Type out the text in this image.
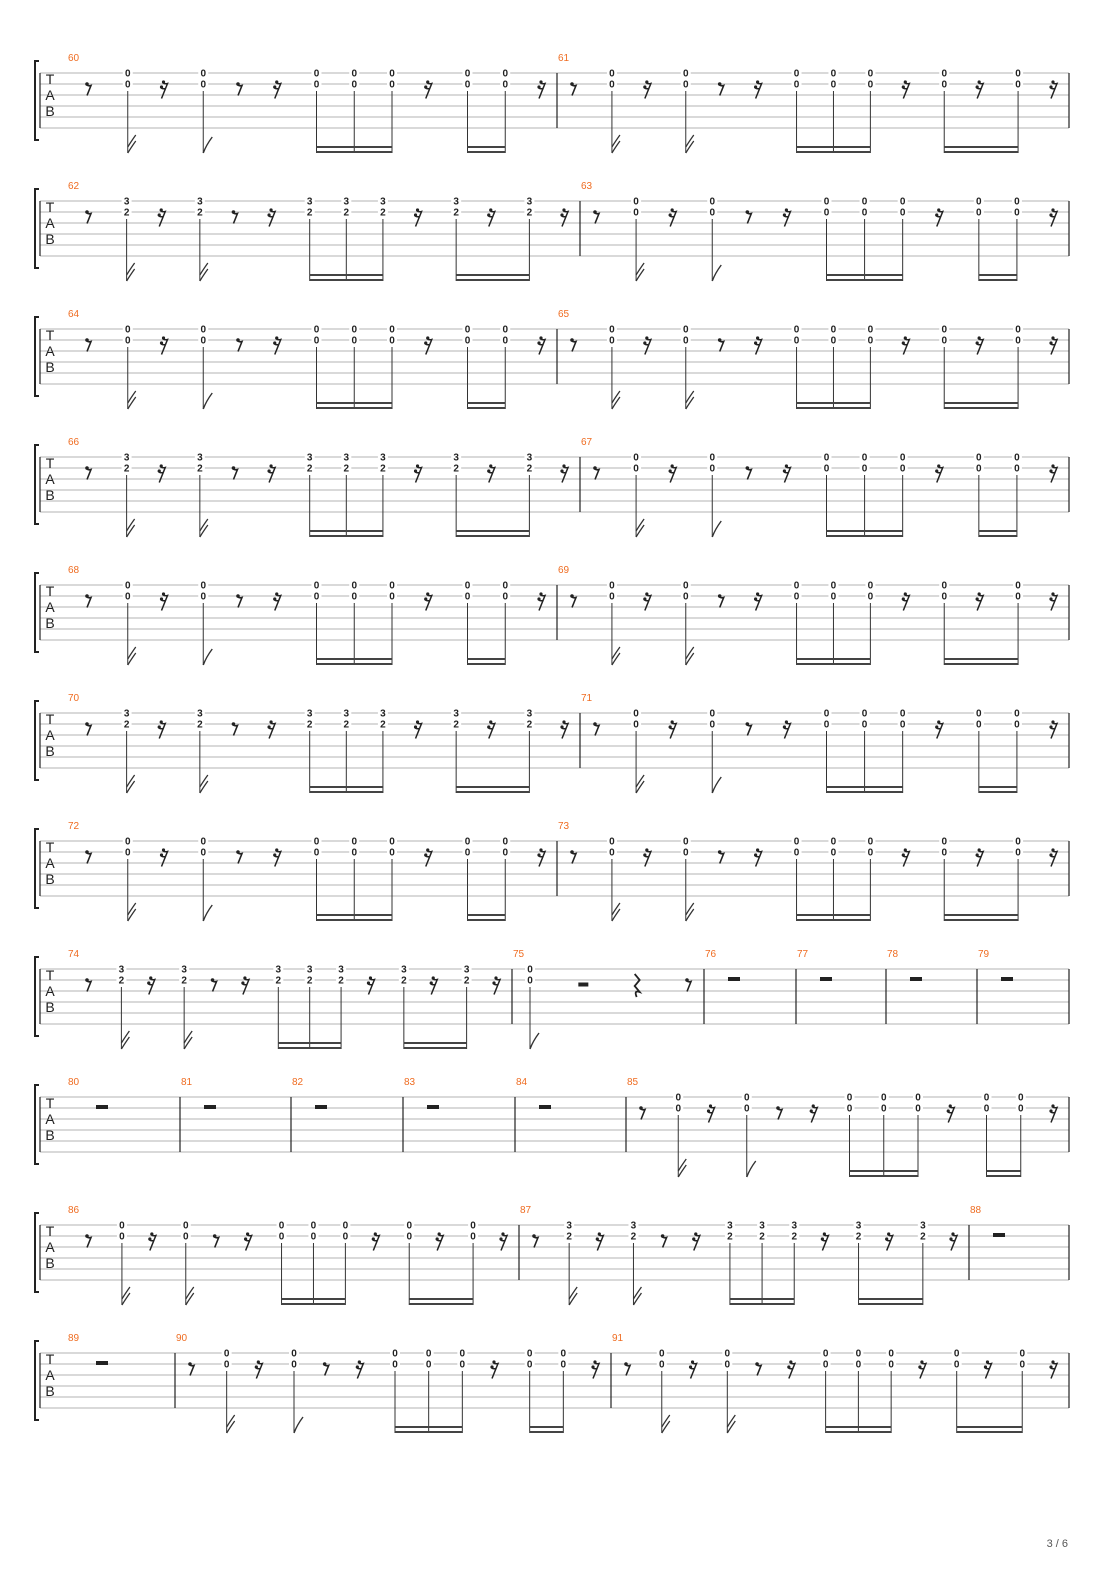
T
A
B
60
0
0
0
0
0
0
0
0
0
0
0
0
0
0
61
0
0
0
0
0
0
0
0
0
0
0
0
0
0
T
A
B
62
3
2
3
2
3
2
3
2
3
2
3
2
3
2
63
0
0
0
0
0
0
0
0
0
0
0
0
0
0
T
A
B
64
0
0
0
0
0
0
0
0
0
0
0
0
0
0
65
0
0
0
0
0
0
0
0
0
0
0
0
0
0
T
A
B
66
3
2
3
2
3
2
3
2
3
2
3
2
3
2
67
0
0
0
0
0
0
0
0
0
0
0
0
0
0
T
A
B
68
0
0
0
0
0
0
0
0
0
0
0
0
0
0
69
0
0
0
0
0
0
0
0
0
0
0
0
0
0
T
A
B
70
3
2
3
2
3
2
3
2
3
2
3
2
3
2
71
0
0
0
0
0
0
0
0
0
0
0
0
0
0
T
A
B
72
0
0
0
0
0
0
0
0
0
0
0
0
0
0
73
0
0
0
0
0
0
0
0
0
0
0
0
0
0
T
A
B
74
3
2
3
2
3
2
3
2
3
2
3
2
3
2
75
0
0
76	77	78	79
T
A
B
80	81	82	83	84	85
0
0
0
0
0
0
0
0
0
0
0
0
0
0
T
A
B
86
0
0
0
0
0
0
0
0
0
0
0
0
0
0
87
3
2
3
2
3
2
3
2
3
2
3
2
3
2
88
T
A
B
89	90
0
0
0
0
0
0
0
0
0
0
0
0
0
0
91
0
0
0
0
0
0
0
0
0
0
0
0
0
0
3 / 6
